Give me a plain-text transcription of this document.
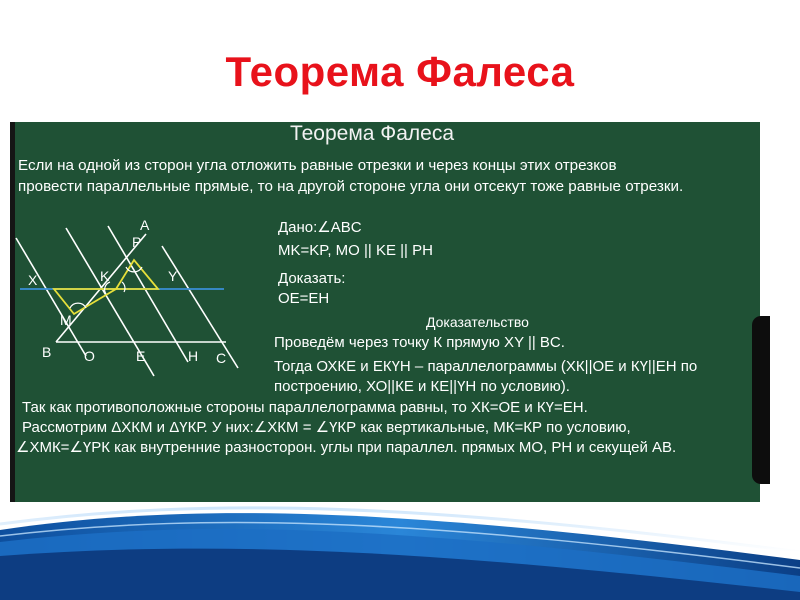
Теорема Фалеса
Теорема Фалеса
Если на одной из сторон угла отложить равные отрезки и через концы этих отрезков
провести параллельные прямые, то на другой стороне угла они отсекут тоже равные отрезки.
A
P
K	Y
X
M
B O	E	H C
Дано:∠ABC
MK=KP, MO || KE || PH
Доказать:
OE=EH
Доказательство
Проведём через точку К прямую XY || BC.
Тогда ОХКЕ и ЕКҮН – параллелограммы (ХК||ОЕ и КҮ||ЕН по
построению, ХО||КЕ и КЕ||ҮН по условию).
Так как противоположные стороны параллелограмма равны, то ХК=ОЕ и КҮ=ЕН.
Рассмотрим ΔХКМ и ΔҮКР. У них:∠ХКМ = ∠ҮКР как вертикальные, МК=КР по условию,
∠ХМК=∠ҮРК как внутренние разносторон. углы при параллел. прямых МО, РН и секущей АВ.
